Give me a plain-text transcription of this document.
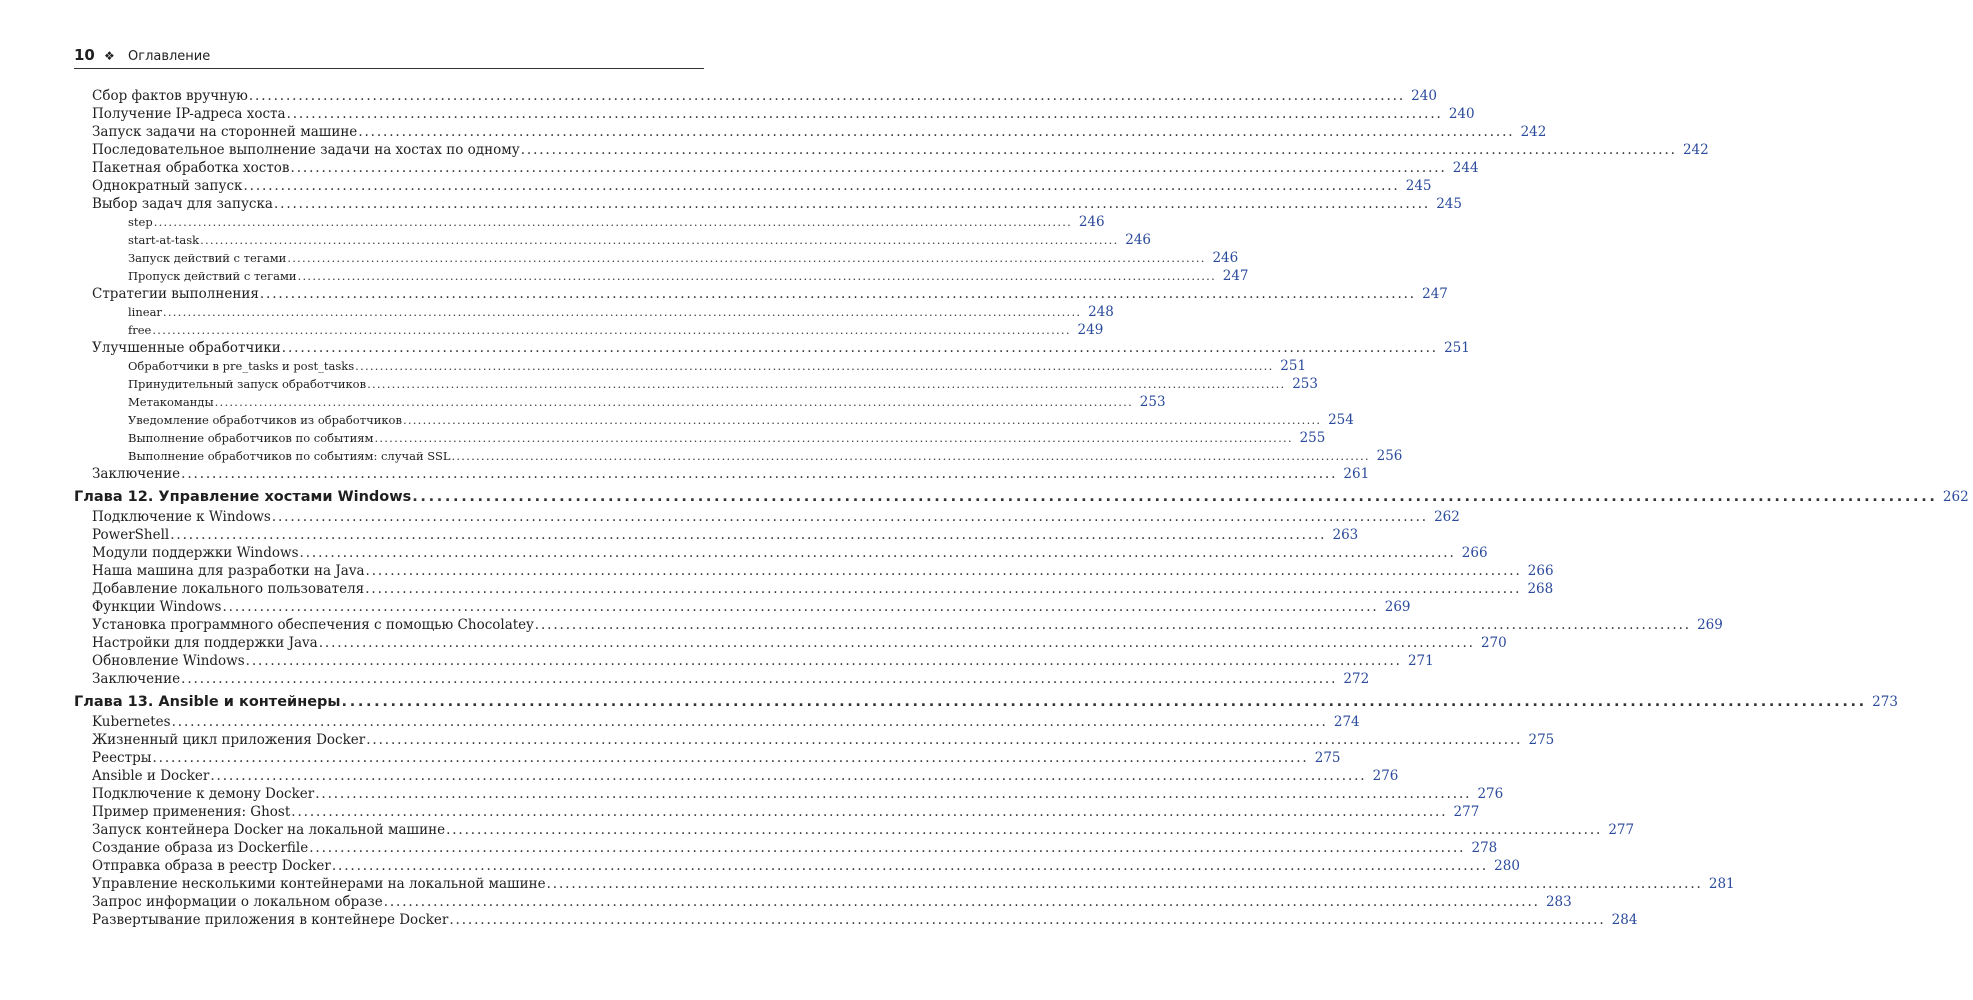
10 ❖	Оглавление
Сбор фактов вручную . . .	240
Получение IP-адреса хоста . . .	240
Запуск задачи на сторонней машине . . .	242
Последовательное выполнение задачи на хостах по одному . . .	242
Пакетная обработка хостов . . .	244
Однократный запуск . . .	245
Выбор задач для запуска . . .	245
step . . .	246
start-at-task . . .	246
Запуск действий с тегами . . .	246
Пропуск действий с тегами . . .	247
Стратегии выполнения . . .	247
linear . . .	248
free . . .	249
Улучшенные обработчики . . .	251
Обработчики в pre_tasks и post_tasks . . .	251
Принудительный запуск обработчиков . . .	253
Метакоманды . . .	253
Уведомление обработчиков из обработчиков . . .	254
Выполнение обработчиков по событиям . . .	255
Выполнение обработчиков по событиям: случай SSL . . .	256
Заключение . . .	261
Глава 12. Управление хостами Windows . . .	262
Подключение к Windows . . .	262
PowerShell . . .	263
Модули поддержки Windows . . .	266
Наша машина для разработки на Java . . .	266
Добавление локального пользователя . . .	268
Функции Windows . . .	269
Установка программного обеспечения с помощью Chocolatey . . .	269
Настройки для поддержки Java . . .	270
Обновление Windows . . .	271
Заключение . . .	272
Глава 13. Ansible и контейнеры . . .	273
Kubernetes . . .	274
Жизненный цикл приложения Docker . . .	275
Реестры . . .	275
Ansible и Docker . . .	276
Подключение к демону Docker . . .	276
Пример применения: Ghost . . .	277
Запуск контейнера Docker на локальной машине . . .	277
Создание образа из Dockerfile . . .	278
Отправка образа в реестр Docker . . .	280
Управление несколькими контейнерами на локальной машине . . .	281
Запрос информации о локальном образе . . .	283
Развертывание приложения в контейнере Docker . . .	284
